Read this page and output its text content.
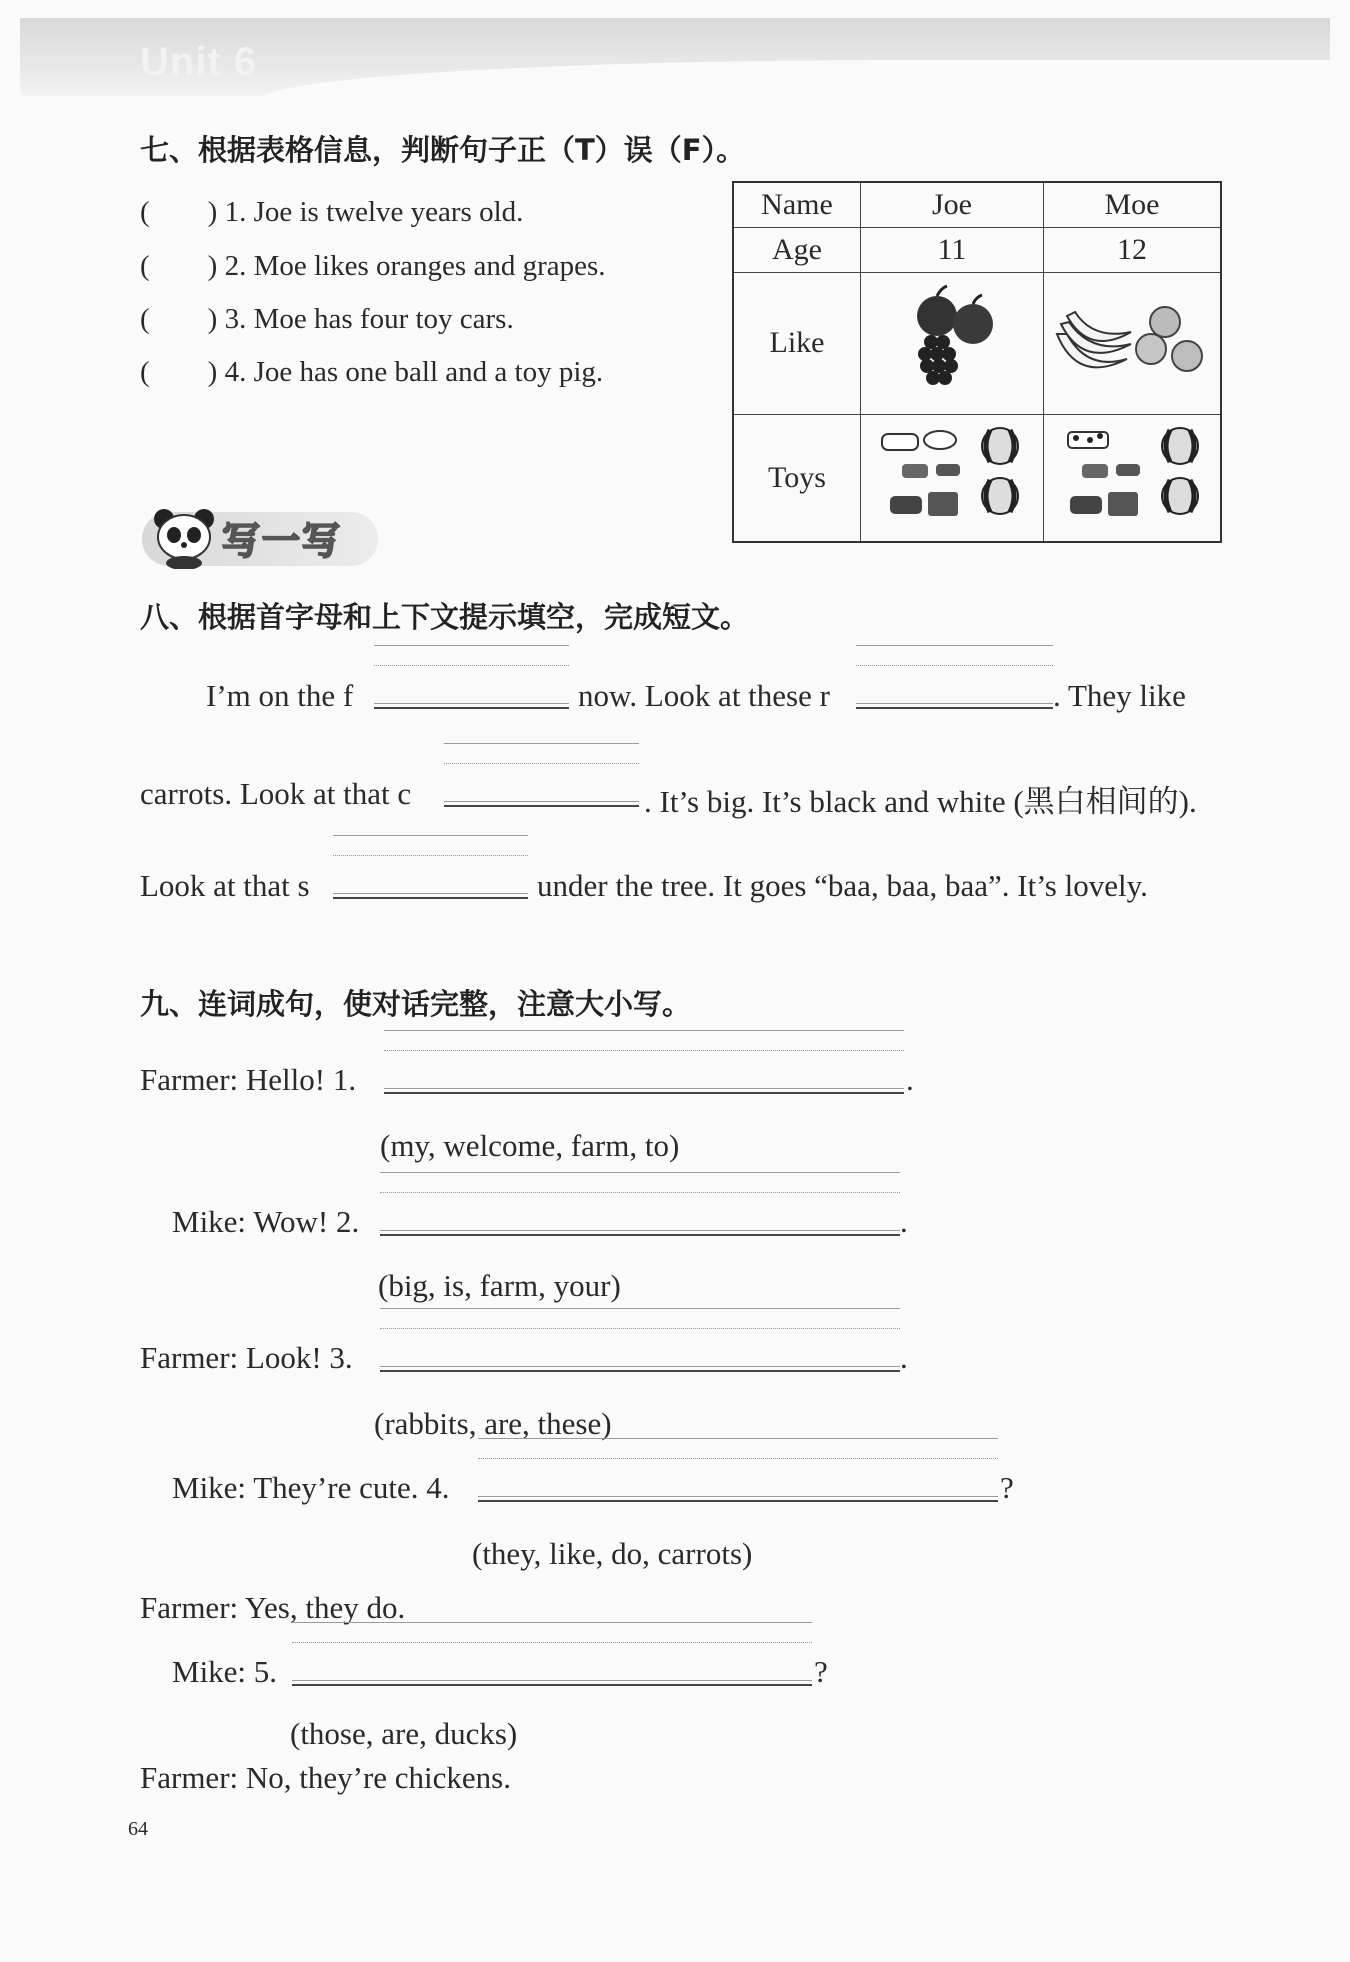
Unit 6
七、根据表格信息，判断句子正（T）误（F）。
( ) 1. Joe is twelve years old.
( ) 2. Moe likes oranges and grapes.
( ) 3. Moe has four toy cars.
( ) 4. Joe has one ball and a toy pig.
Name	Joe	Moe
Age	11	12
Like		
Toys		
写一写
八、根据首字母和上下文提示填空，完成短文。
I’m on the f	now. Look at these r	. They like
carrots. Look at that c	. It’s big. It’s black and white (黑白相间的).
Look at that s	under the tree. It goes “baa, baa, baa”. It’s lovely.
九、连词成句，使对话完整，注意大小写。
Farmer: Hello! 1.	.
(my, welcome, farm, to)
Mike: Wow! 2.	.
(big, is, farm, your)
Farmer: Look! 3.	.
(rabbits, are, these)
Mike: They’re cute. 4.	?
(they, like, do, carrots)
Farmer: Yes, they do.
Mike: 5.	?
(those, are, ducks)
Farmer: No, they’re chickens.
64
